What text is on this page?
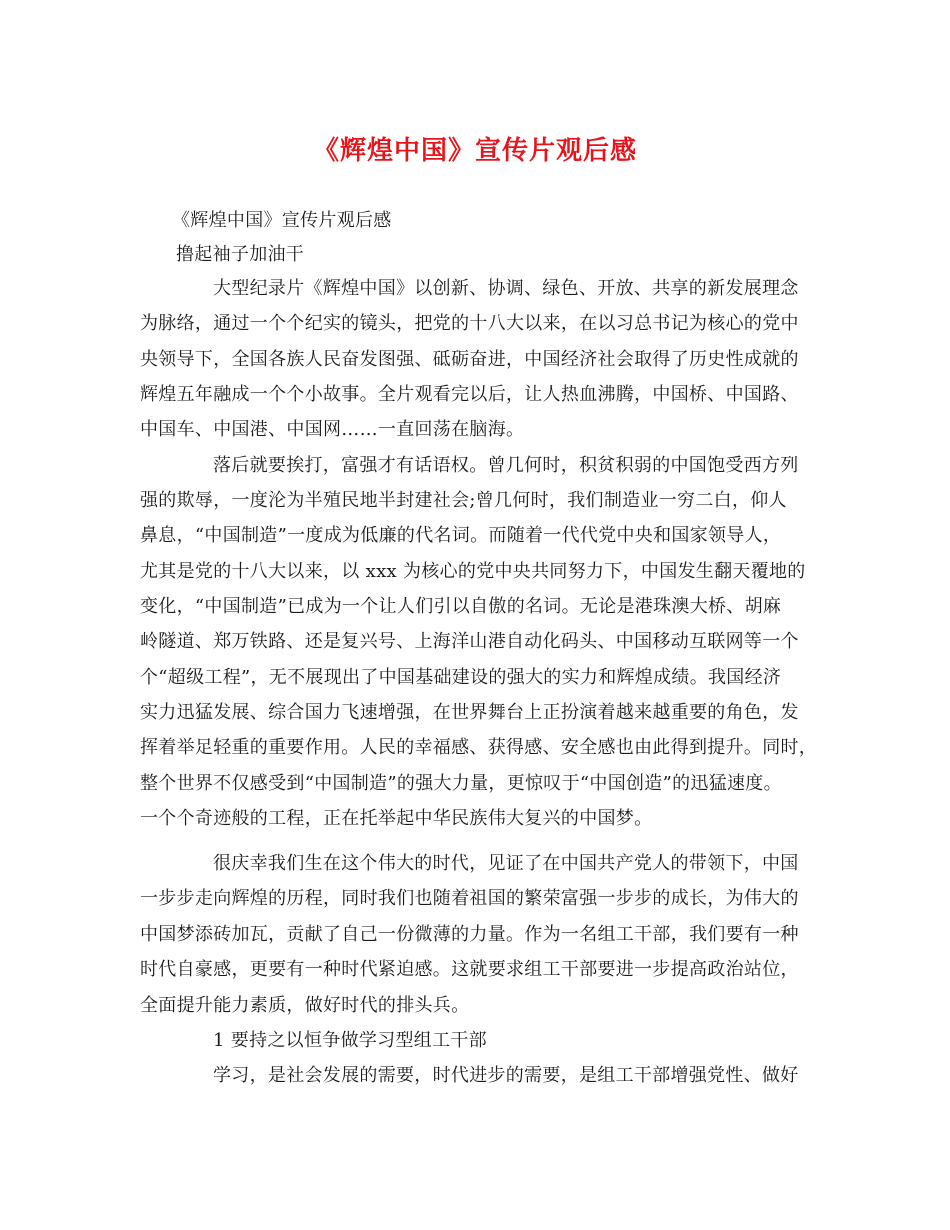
《辉煌中国》宣传片观后感
《辉煌中国》宣传片观后感
撸起袖子加油干
大型纪录片《辉煌中国》以创新、协调、绿色、开放、共享的新发展理念
为脉络，通过一个个纪实的镜头，把党的十八大以来，在以习总书记为核心的党中
央领导下，全国各族人民奋发图强、砥砺奋进，中国经济社会取得了历史性成就的
辉煌五年融成一个个小故事。全片观看完以后，让人热血沸腾，中国桥、中国路、
中国车、中国港、中国网……一直回荡在脑海。
落后就要挨打，富强才有话语权。曾几何时，积贫积弱的中国饱受西方列
强的欺辱，一度沦为半殖民地半封建社会;曾几何时，我们制造业一穷二白，仰人
鼻息，“中国制造”一度成为低廉的代名词。而随着一代代党中央和国家领导人，
尤其是党的十八大以来，以 xxx 为核心的党中央共同努力下，中国发生翻天覆地的
变化，“中国制造”已成为一个让人们引以自傲的名词。无论是港珠澳大桥、胡麻
岭隧道、郑万铁路、还是复兴号、上海洋山港自动化码头、中国移动互联网等一个
个“超级工程”，无不展现出了中国基础建设的强大的实力和辉煌成绩。我国经济
实力迅猛发展、综合国力飞速增强，在世界舞台上正扮演着越来越重要的角色，发
挥着举足轻重的重要作用。人民的幸福感、获得感、安全感也由此得到提升。同时，
整个世界不仅感受到“中国制造”的强大力量，更惊叹于“中国创造”的迅猛速度。
一个个奇迹般的工程，正在托举起中华民族伟大复兴的中国梦。
很庆幸我们生在这个伟大的时代，见证了在中国共产党人的带领下，中国
一步步走向辉煌的历程，同时我们也随着祖国的繁荣富强一步步的成长，为伟大的
中国梦添砖加瓦，贡献了自己一份微薄的力量。作为一名组工干部，我们要有一种
时代自豪感，更要有一种时代紧迫感。这就要求组工干部要进一步提高政治站位，
全面提升能力素质，做好时代的排头兵。
1 要持之以恒争做学习型组工干部
学习，是社会发展的需要，时代进步的需要，是组工干部增强党性、做好
